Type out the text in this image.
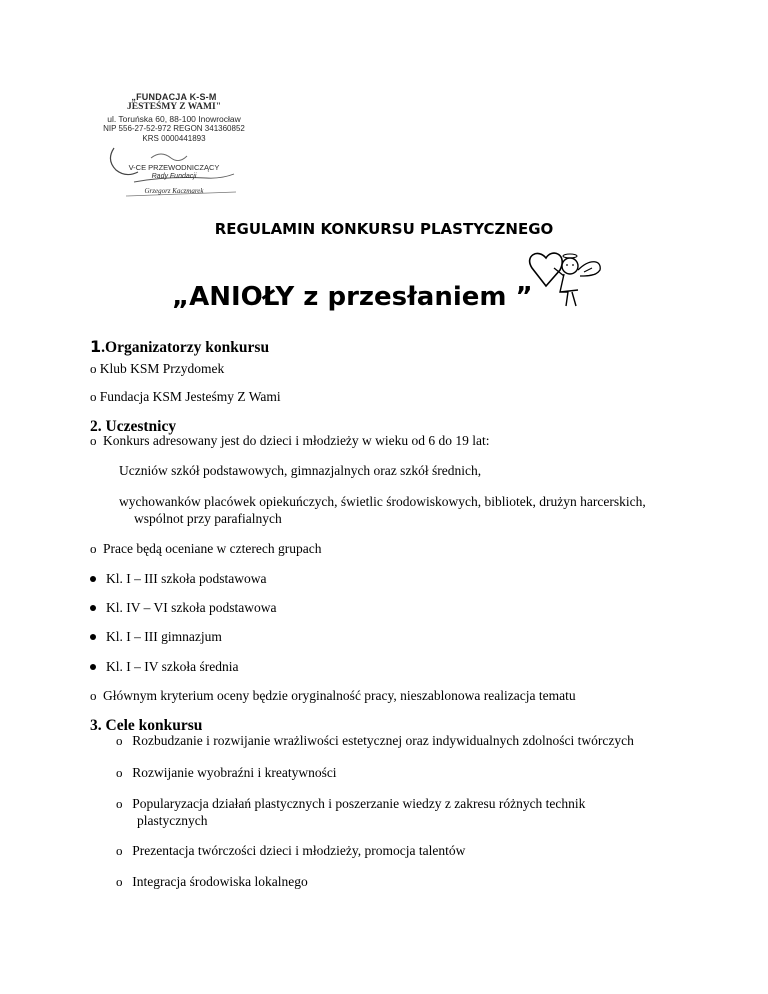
„FUNDACJA K-S-M
JESTEŚMY Z WAMI"
ul. Toruńska 60, 88-100 Inowrocław
NIP 556-27-52-972 REGON 341360852
KRS 0000441893
V-CE PRZEWODNICZĄCY
Rady Fundacji
Grzegorz Kaczmarek
REGULAMIN KONKURSU PLASTYCZNEGO
„ANIOŁY z przesłaniem ”
1.Organizatorzy konkursu
o Klub KSM Przydomek
o Fundacja KSM Jesteśmy Z Wami
2. Uczestnicy
o  Konkurs adresowany jest do dzieci i młodzieży w wieku od 6 do 19 lat:
Uczniów szkół podstawowych, gimnazjalnych oraz szkół średnich,
wychowanków placówek opiekuńczych, świetlic środowiskowych, bibliotek, drużyn harcerskich,
wspólnot przy parafialnych
o  Prace będą oceniane w czterech grupach
Kl. I – III szkoła podstawowa
Kl. IV – VI szkoła podstawowa
Kl. I – III gimnazjum
Kl. I – IV szkoła średnia
o  Głównym kryterium oceny będzie oryginalność pracy, nieszablonowa realizacja tematu
3. Cele konkursu
o   Rozbudzanie i rozwijanie wrażliwości estetycznej oraz indywidualnych zdolności twórczych
o   Rozwijanie wyobraźni i kreatywności
o   Popularyzacja działań plastycznych i poszerzanie wiedzy z zakresu różnych technik
plastycznych
o   Prezentacja twórczości dzieci i młodzieży, promocja talentów
o   Integracja środowiska lokalnego
